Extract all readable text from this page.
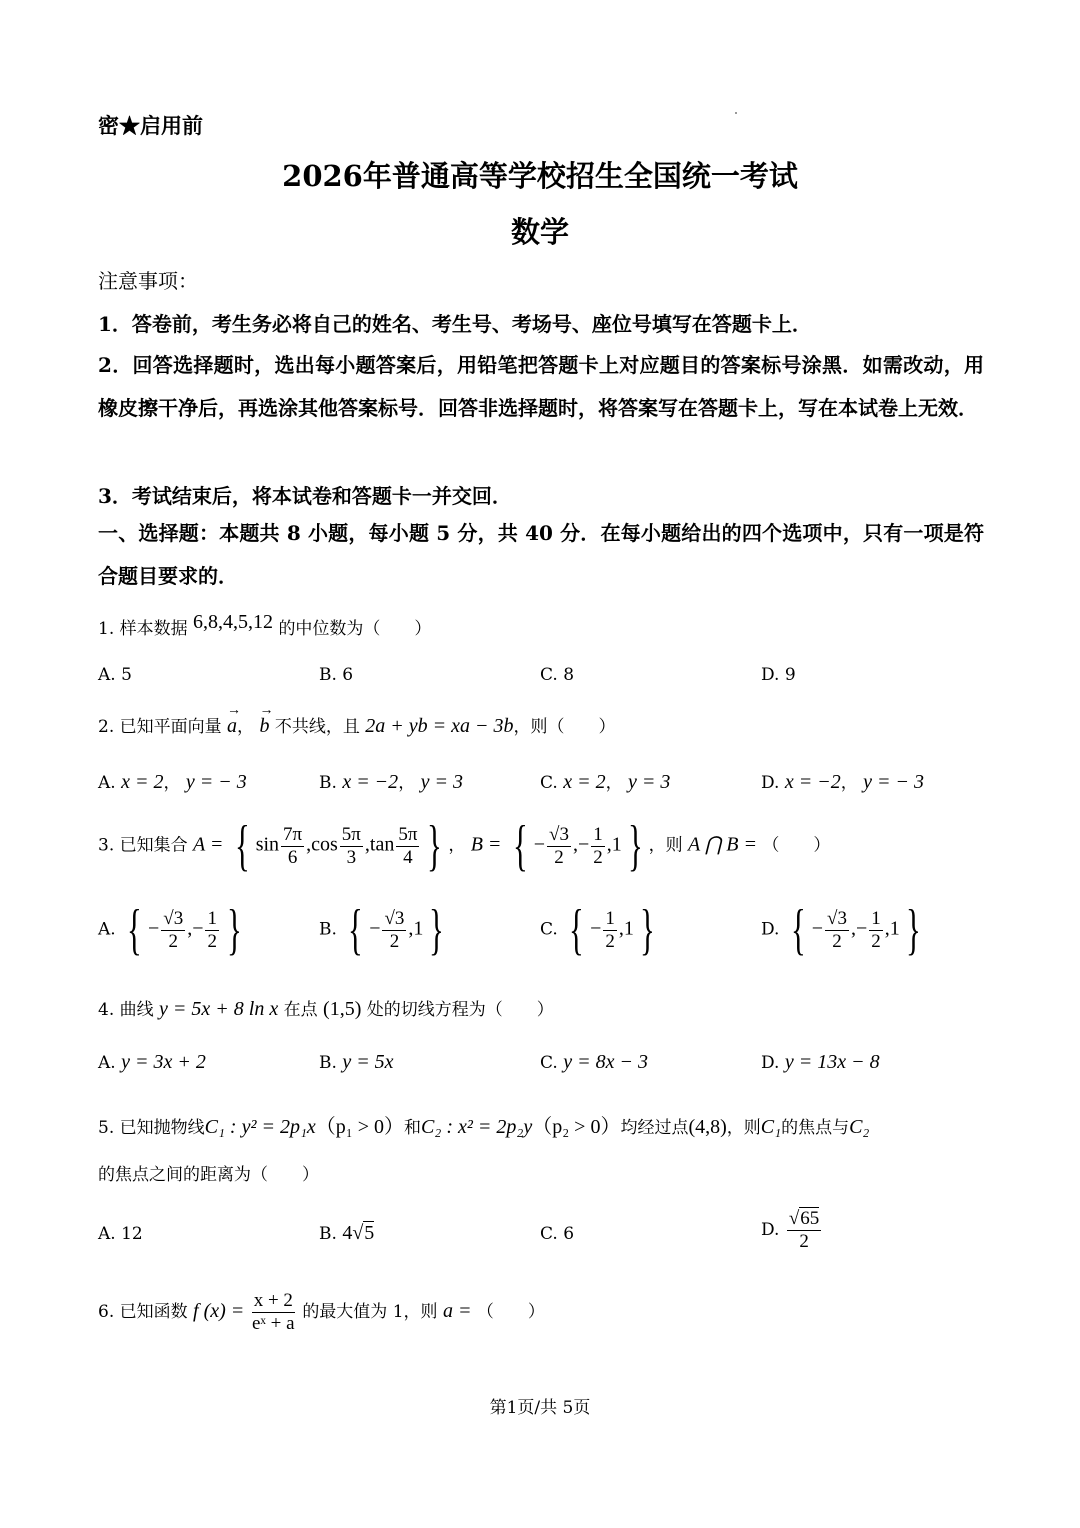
密★启用前
2026年普通高等学校招生全国统一考试
数学
注意事项：
1．答卷前，考生务必将自己的姓名、考生号、考场号、座位号填写在答题卡上．
2．回答选择题时，选出每小题答案后，用铅笔把答题卡上对应题目的答案标号涂黑．如需改动，用橡皮擦干净后，再选涂其他答案标号．回答非选择题时，将答案写在答题卡上，写在本试卷上无效．
3．考试结束后，将本试卷和答题卡一并交回．
一、选择题：本题共 8 小题，每小题 5 分，共 40 分．在每小题给出的四个选项中，只有一项是符合题目要求的．
1. 样本数据 6,8,4,5,12 的中位数为（　　）
A. 5	B. 6	C. 8	D. 9
2. 已知平面向量 a
→
， b
→
不共线，且 2a + yb = xa − 3b，则（　　）
A. x = 2， y = − 3	B. x = −2， y = 3	C. x = 2， y = 3	D. x = −2， y = − 3
3. 已知集合 A = { $\sin \frac{7\pi}{6} ,\cos \frac{5\pi}{3} ,\tan \frac{5\pi}{4}$ } ， B = { − $\frac{√3}{2}$ ,− $\frac{1}{2} ,1$ } ，则 A ⋂ B = （　　）
A. { − $\frac{√3}{2}$ ,− $\frac{1}{2}$ }	B. { − $\frac{√3}{2} ,1$ }	C. { − $\frac{1}{2} ,1$ }	D. { − $\frac{√3}{2}$ ,− $\frac{1}{2} ,1$ }
4. 曲线 y = 5x + 8 ln x 在点 (1,5) 处的切线方程为（　　）
A. y = 3x + 2	B. y = 5x	C. y = 8x − 3	D. y = 13x − 8
5. 已知抛物线C₁ : y² = 2p₁x（p₁ > 0）和C₂ : x² = 2p₂y（p₂ > 0）均经过点(4,8)，则C₁的焦点与C₂
的焦点之间的距离为（　　）
A. 12	B. 4√5	C. 6	D. $\frac{√65}{2}$
6. 已知函数 f $(x) = \frac{x + 2}{\text{eˣ + a}}$ 的最大值为 1，则 a = （　　）
第1页/共 5页
